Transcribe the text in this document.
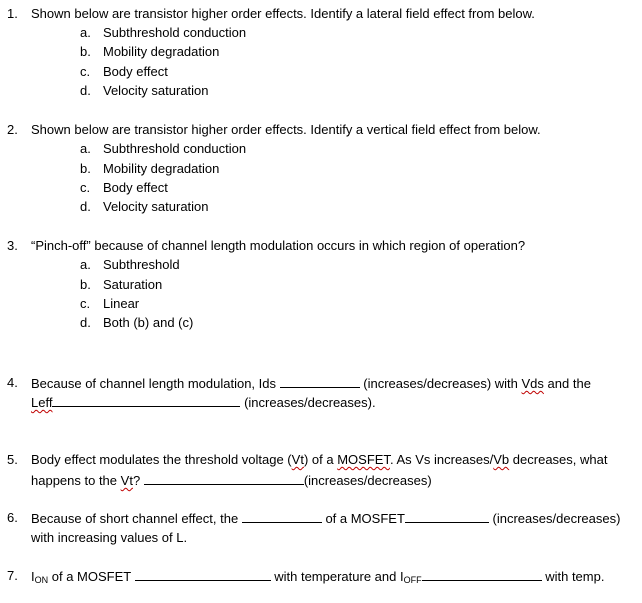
1. Shown below are transistor higher order effects. Identify a lateral field effect from below.
a. Subthreshold conduction
b. Mobility degradation
c. Body effect
d. Velocity saturation
2. Shown below are transistor higher order effects. Identify a vertical field effect from below.
a. Subthreshold conduction
b. Mobility degradation
c. Body effect
d. Velocity saturation
3. “Pinch-off” because of channel length modulation occurs in which region of operation?
a. Subthreshold
b. Saturation
c. Linear
d. Both (b) and (c)
4. Because of channel length modulation, Ids	(increases/decreases) with Vds and the
Leff	(increases/decreases).
5. Body effect modulates the threshold voltage (Vt) of a MOSFET. As Vs increases/Vb decreases, what
happens to the Vt?	(increases/decreases)
6. Because of short channel effect, the	of a MOSFET	(increases/decreases)
with increasing values of L.
7. $I_{ON}$ of a MOSFET	with temperature and $I_{OFF}$	with temp.
